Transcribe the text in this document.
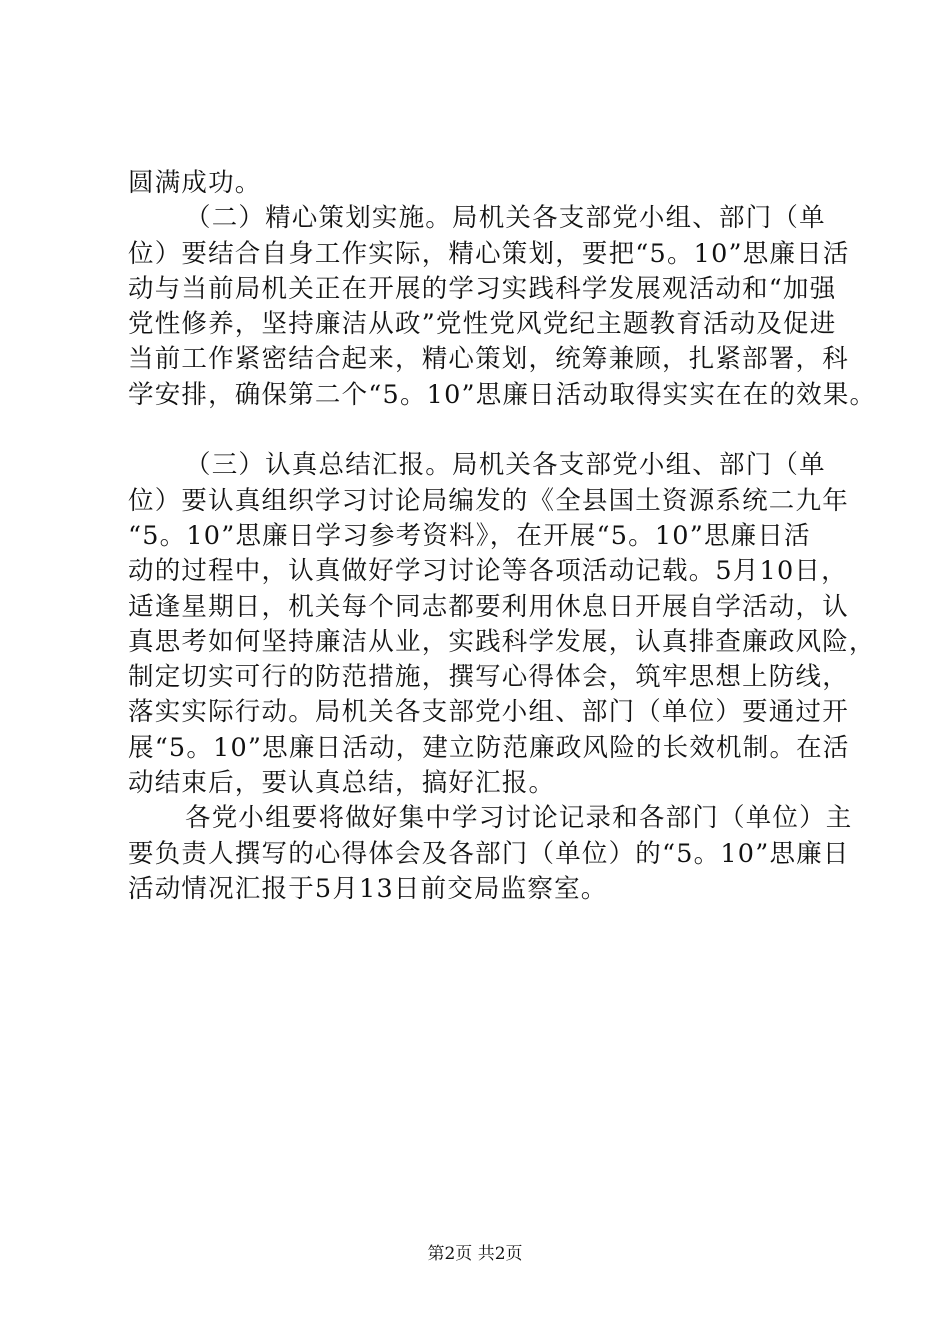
圆满成功。
（二）精心策划实施。局机关各支部党小组、部门（单
位）要结合自身工作实际，精心策划，要把“5。10”思廉日活
动与当前局机关正在开展的学习实践科学发展观活动和“加强
党性修养，坚持廉洁从政”党性党风党纪主题教育活动及促进
当前工作紧密结合起来，精心策划，统筹兼顾，扎紧部署，科
学安排，确保第二个“5。10”思廉日活动取得实实在在的效果。
（三）认真总结汇报。局机关各支部党小组、部门（单
位）要认真组织学习讨论局编发的《全县国土资源系统二九年
“5。10”思廉日学习参考资料》，在开展“5。10”思廉日活
动的过程中，认真做好学习讨论等各项活动记载。5月10日，
适逢星期日，机关每个同志都要利用休息日开展自学活动，认
真思考如何坚持廉洁从业，实践科学发展，认真排查廉政风险，
制定切实可行的防范措施，撰写心得体会，筑牢思想上防线，
落实实际行动。局机关各支部党小组、部门（单位）要通过开
展“5。10”思廉日活动，建立防范廉政风险的长效机制。在活
动结束后，要认真总结，搞好汇报。
各党小组要将做好集中学习讨论记录和各部门（单位）主
要负责人撰写的心得体会及各部门（单位）的“5。10”思廉日
活动情况汇报于5月13日前交局监察室。
第2页 共2页
